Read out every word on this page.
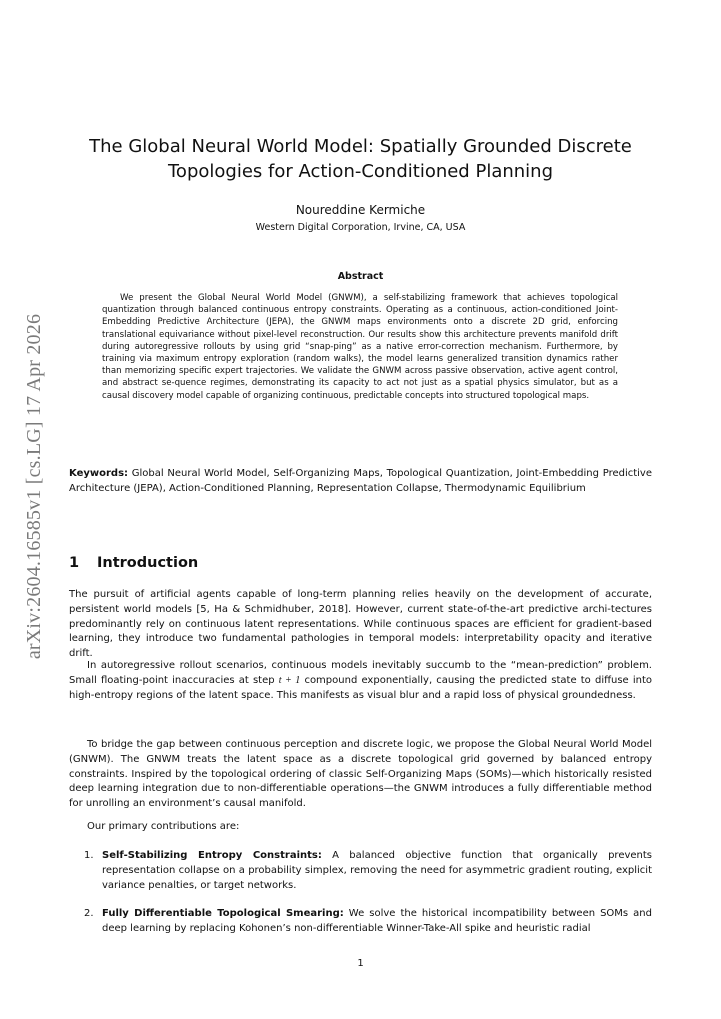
arXiv:2604.16585v1 [cs.LG] 17 Apr 2026
The Global Neural World Model: Spatially Grounded Discrete
Topologies for Action-Conditioned Planning
Noureddine Kermiche
Western Digital Corporation, Irvine, CA, USA
Abstract
We present the Global Neural World Model (GNWM), a self-stabilizing framework that achieves topological quantization through balanced continuous entropy constraints. Operating as a continuous, action-conditioned Joint-Embedding Predictive Architecture (JEPA), the GNWM maps environments onto a discrete 2D grid, enforcing translational equivariance without pixel-level reconstruction. Our results show this architecture prevents manifold drift during autoregressive rollouts by using grid “snap-ping” as a native error-correction mechanism. Furthermore, by training via maximum entropy exploration (random walks), the model learns generalized transition dynamics rather than memorizing specific expert trajectories. We validate the GNWM across passive observation, active agent control, and abstract se-quence regimes, demonstrating its capacity to act not just as a spatial physics simulator, but as a causal discovery model capable of organizing continuous, predictable concepts into structured topological maps.
Keywords: Global Neural World Model, Self-Organizing Maps, Topological Quantization, Joint-Embedding Predictive Architecture (JEPA), Action-Conditioned Planning, Representation Collapse, Thermodynamic Equilibrium
1 Introduction
The pursuit of artificial agents capable of long-term planning relies heavily on the development of accurate, persistent world models [5, Ha & Schmidhuber, 2018]. However, current state-of-the-art predictive archi-tectures predominantly rely on continuous latent representations. While continuous spaces are efficient for gradient-based learning, they introduce two fundamental pathologies in temporal models: interpretability opacity and iterative drift.
In autoregressive rollout scenarios, continuous models inevitably succumb to the “mean-prediction” problem. Small floating-point inaccuracies at step t + 1 compound exponentially, causing the predicted state to diffuse into high-entropy regions of the latent space. This manifests as visual blur and a rapid loss of physical groundedness.
To bridge the gap between continuous perception and discrete logic, we propose the Global Neural World Model (GNWM). The GNWM treats the latent space as a discrete topological grid governed by balanced entropy constraints. Inspired by the topological ordering of classic Self-Organizing Maps (SOMs)—which historically resisted deep learning integration due to non-differentiable operations—the GNWM introduces a fully differentiable method for unrolling an environment’s causal manifold.
Our primary contributions are:
1. Self-Stabilizing Entropy Constraints: A balanced objective function that organically prevents representation collapse on a probability simplex, removing the need for asymmetric gradient routing, explicit variance penalties, or target networks.
2. Fully Differentiable Topological Smearing: We solve the historical incompatibility between SOMs and deep learning by replacing Kohonen’s non-differentiable Winner-Take-All spike and heuristic radial
1
